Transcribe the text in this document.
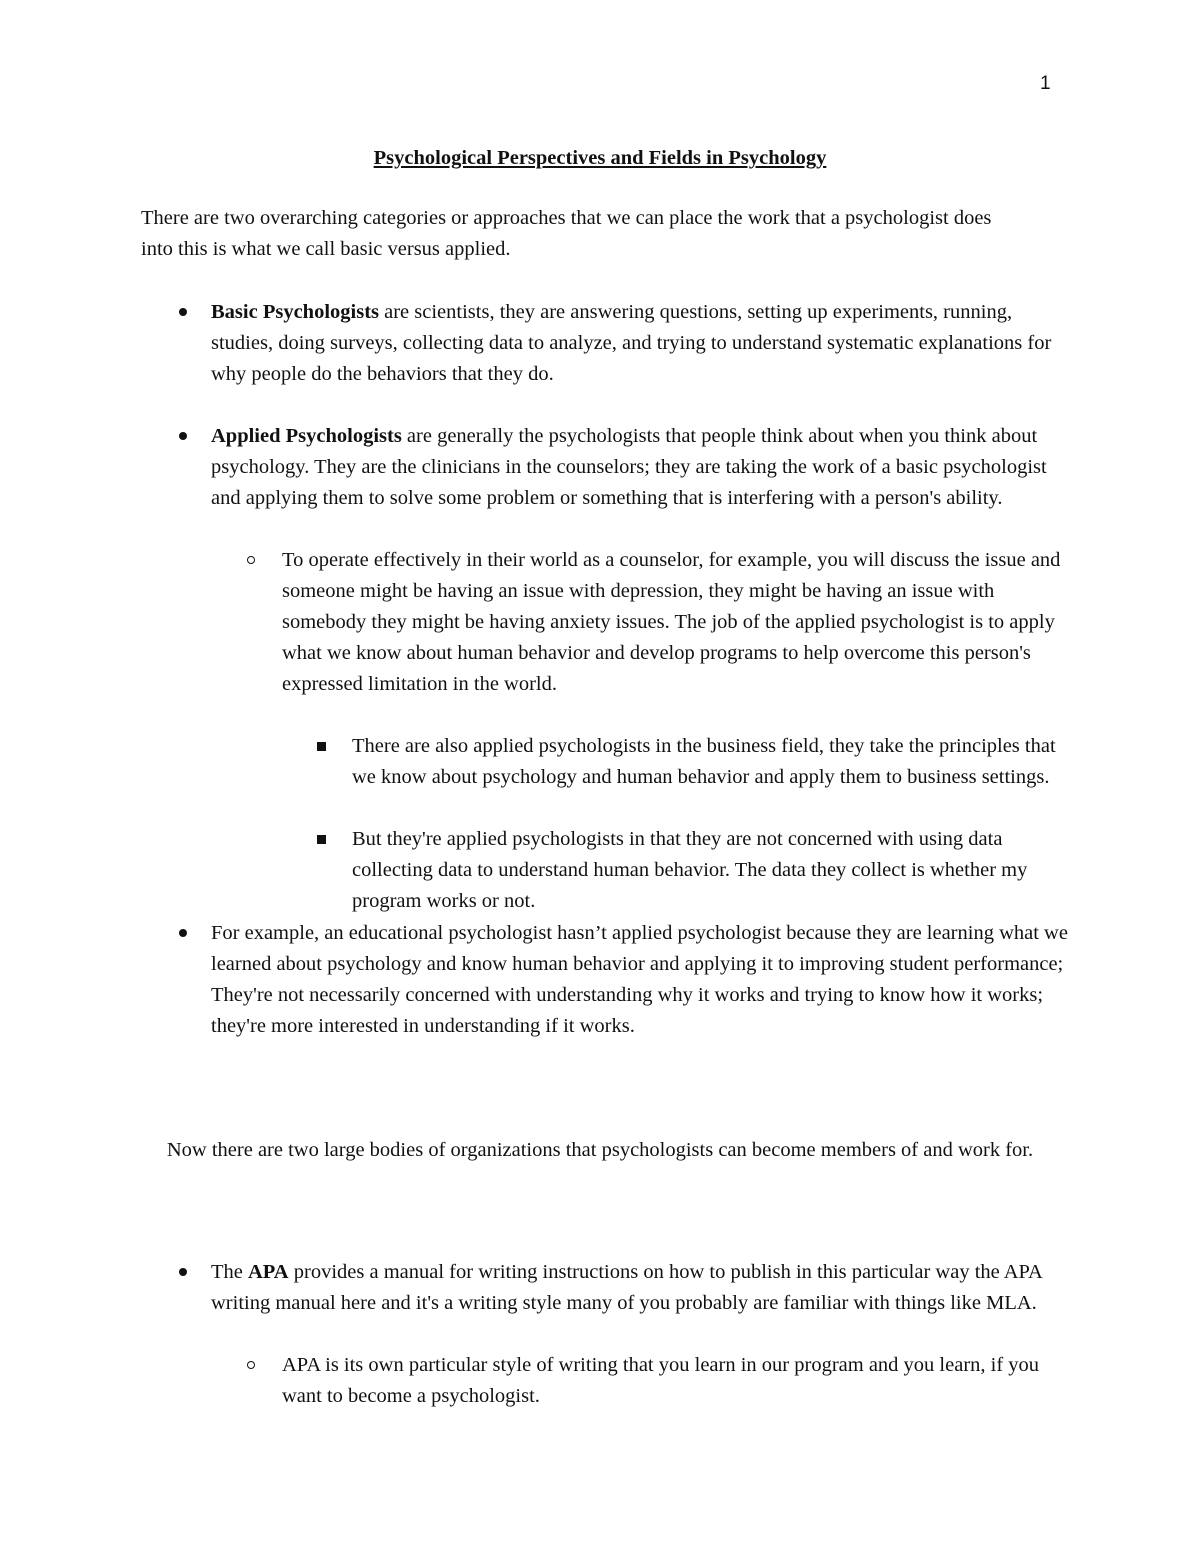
1
Psychological Perspectives and Fields in Psychology

There are two overarching categories or approaches that we can place the work that a psychologist does into this is what we call basic versus applied.

Basic Psychologists are scientists, they are answering questions, setting up experiments, running, studies, doing surveys, collecting data to analyze, and trying to understand systematic explanations for why people do the behaviors that they do.

Applied Psychologists are generally the psychologists that people think about when you think about psychology. They are the clinicians in the counselors; they are taking the work of a basic psychologist and applying them to solve some problem or something that is interfering with a person's ability.

To operate effectively in their world as a counselor, for example, you will discuss the issue and someone might be having an issue with depression, they might be having an issue with somebody they might be having anxiety issues. The job of the applied psychologist is to apply what we know about human behavior and develop programs to help overcome this person's expressed limitation in the world.

There are also applied psychologists in the business field, they take the principles that we know about psychology and human behavior and apply them to business settings.

But they're applied psychologists in that they are not concerned with using data collecting data to understand human behavior. The data they collect is whether my program works or not.

For example, an educational psychologist hasn’t applied psychologist because they are learning what we learned about psychology and know human behavior and applying it to improving student performance; They're not necessarily concerned with understanding why it works and trying to know how it works; they're more interested in understanding if it works.

Now there are two large bodies of organizations that psychologists can become members of and work for.

The APA provides a manual for writing instructions on how to publish in this particular way the APA writing manual here and it's a writing style many of you probably are familiar with things like MLA.

APA is its own particular style of writing that you learn in our program and you learn, if you want to become a psychologist.
